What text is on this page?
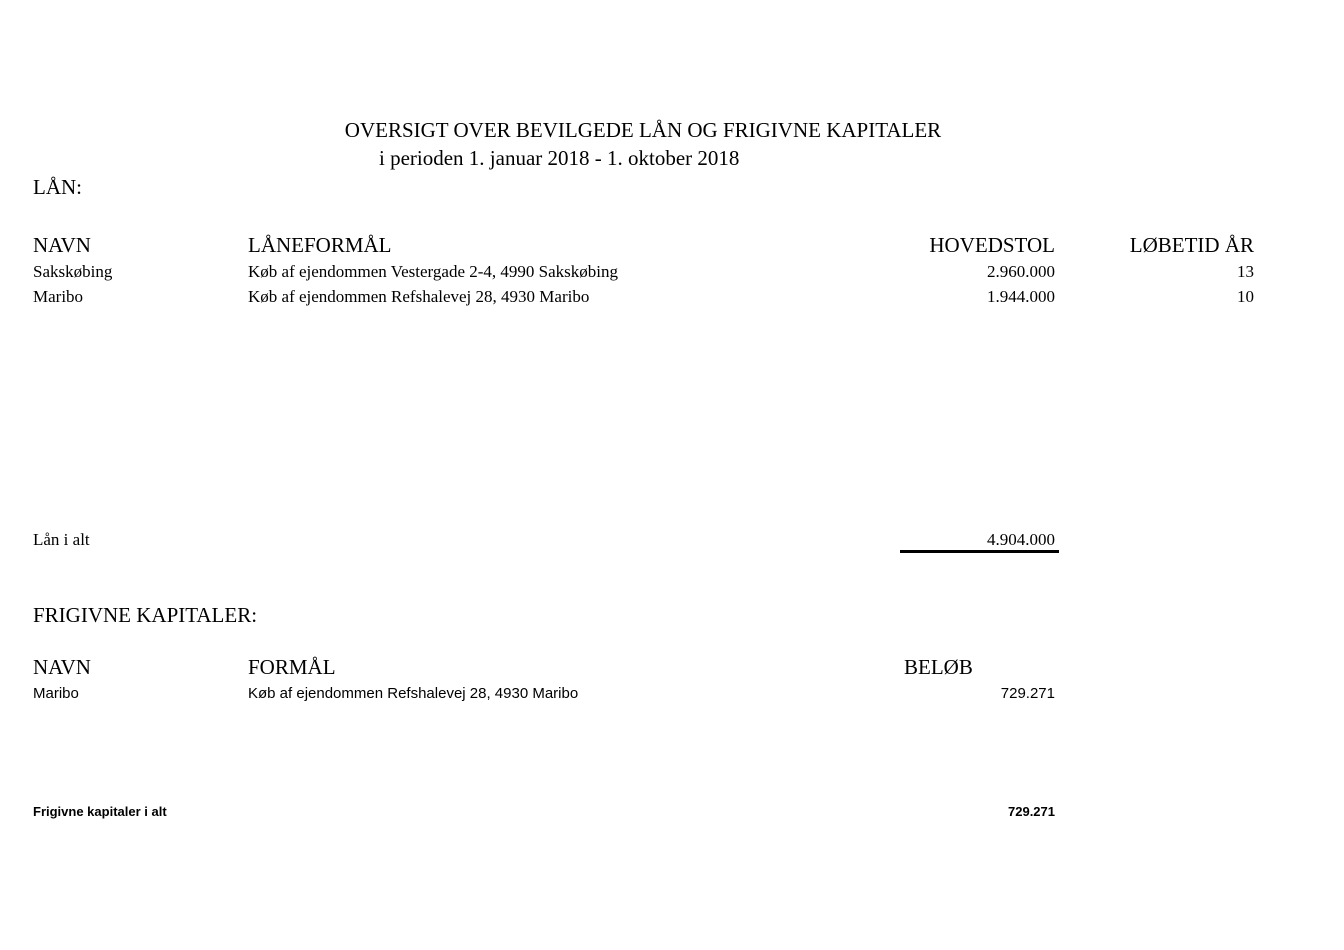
OVERSIGT OVER BEVILGEDE LÅN OG FRIGIVNE KAPITALER
i perioden 1. januar 2018 - 1. oktober 2018
LÅN:
NAVN	LÅNEFORMÅL	HOVEDSTOL	LØBETID ÅR
Sakskøbing	Køb af ejendommen Vestergade 2-4, 4990 Sakskøbing	2.960.000	13
Maribo	Køb af ejendommen Refshalevej 28, 4930 Maribo	1.944.000	10
Lån i alt	4.904.000
FRIGIVNE KAPITALER:
NAVN	FORMÅL	BELØB
Maribo	Køb af ejendommen Refshalevej 28, 4930 Maribo	729.271
Frigivne kapitaler i alt	729.271
